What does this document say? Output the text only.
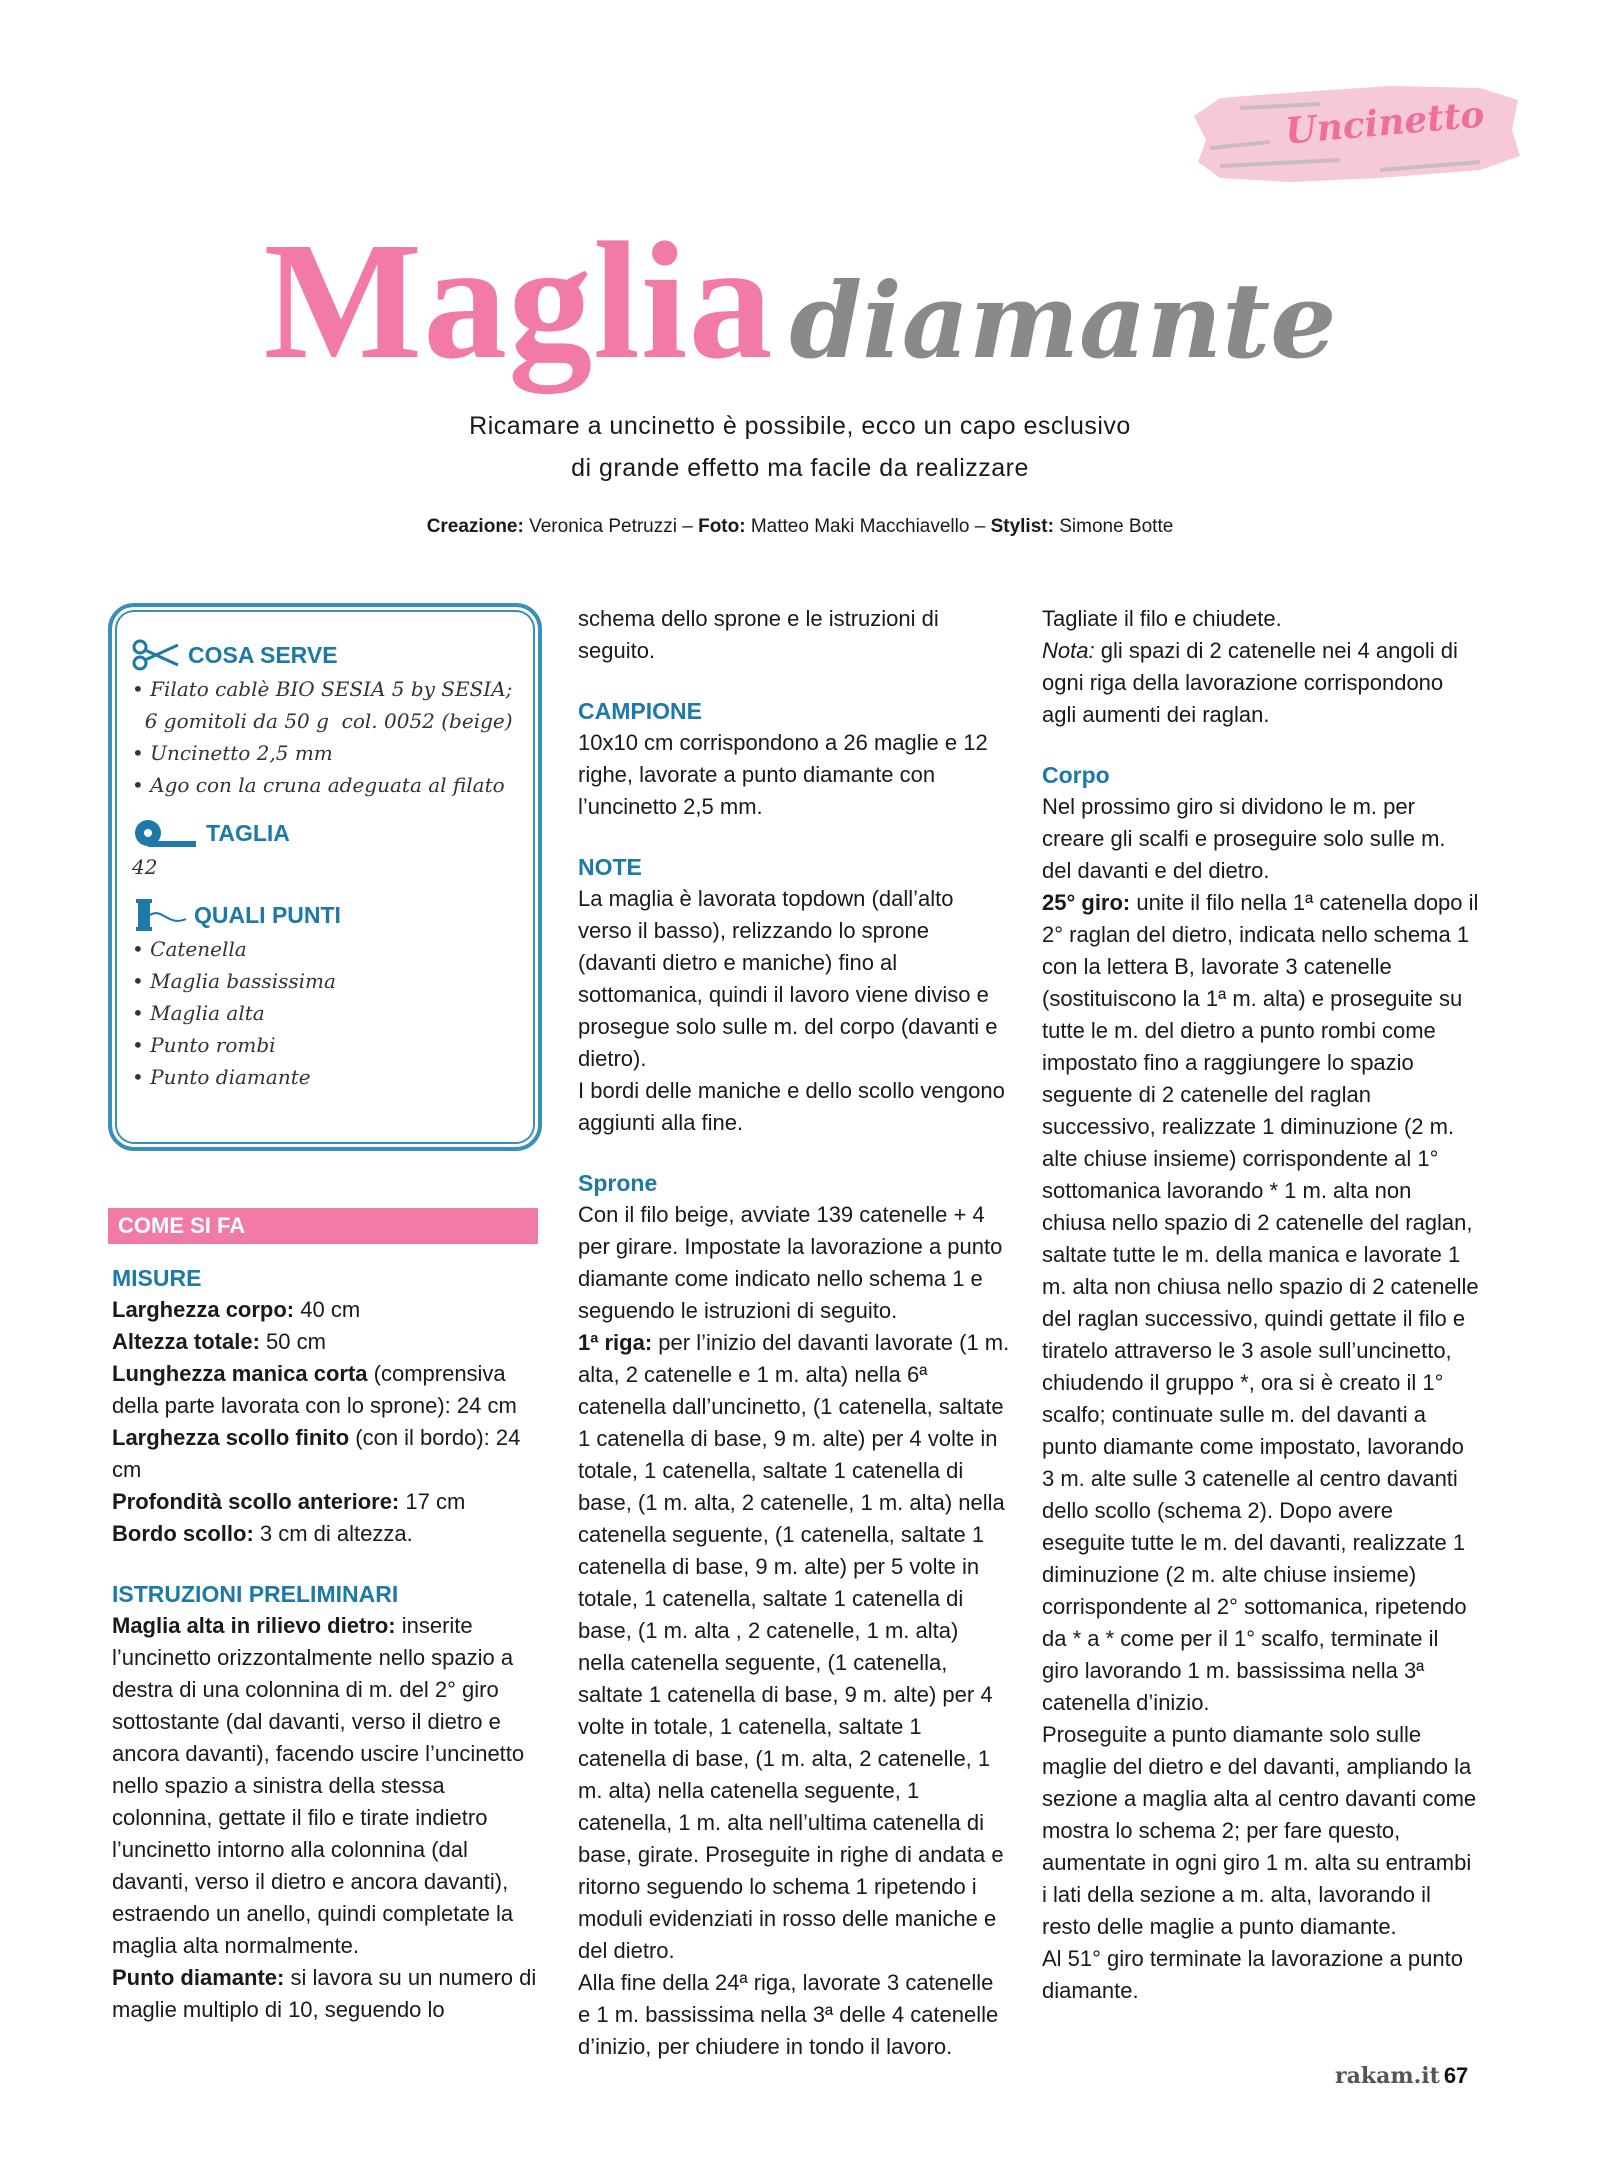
Uncinetto
Maglia diamante
Ricamare a uncinetto è possibile, ecco un capo esclusivo
di grande effetto ma facile da realizzare
Creazione: Veronica Petruzzi – Foto: Matteo Maki Macchiavello – Stylist: Simone Botte
COSA SERVE
• Filato cablè BIO SESIA 5 by SESIA;
6 gomitoli da 50 g  col. 0052 (beige)
• Uncinetto 2,5 mm
• Ago con la cruna adeguata al filato
TAGLIA
42
QUALI PUNTI
• Catenella
• Maglia bassissima
• Maglia alta
• Punto rombi
• Punto diamante
COME SI FA

MISURE

Larghezza corpo: 40 cm

Altezza totale: 50 cm

Lunghezza manica corta (comprensiva della parte lavorata con lo sprone): 24 cm

Larghezza scollo finito (con il bordo): 24 cm

Profondità scollo anteriore: 17 cm

Bordo scollo: 3 cm di altezza.

ISTRUZIONI PRELIMINARI

Maglia alta in rilievo dietro: inserite l’uncinetto orizzontalmente nello spazio a destra di una colonnina di m. del 2° giro sottostante (dal davanti, verso il dietro e ancora davanti), facendo uscire l’uncinetto nello spazio a sinistra della stessa colonnina, gettate il filo e tirate indietro l’uncinetto intorno alla colonnina (dal davanti, verso il dietro e ancora davanti), estraendo un anello, quindi completate la maglia alta normalmente.

Punto diamante: si lavora su un numero di maglie multiplo di 10, seguendo lo

schema dello sprone e le istruzioni di seguito.

CAMPIONE

10x10 cm corrispondono a 26 maglie e 12 righe, lavorate a punto diamante con l’uncinetto 2,5 mm.

NOTE

La maglia è lavorata topdown (dall’alto verso il basso), relizzando lo sprone (davanti dietro e maniche) fino al sottomanica, quindi il lavoro viene diviso e prosegue solo sulle m. del corpo (davanti e dietro).

I bordi delle maniche e dello scollo vengono aggiunti alla fine.

Sprone

Con il filo beige, avviate 139 catenelle + 4 per girare. Impostate la lavorazione a punto diamante come indicato nello schema 1 e seguendo le istruzioni di seguito.

1ª riga: per l’inizio del davanti lavorate (1 m. alta, 2 catenelle e 1 m. alta) nella 6ª catenella dall’uncinetto, (1 catenella, saltate 1 catenella di base, 9 m. alte) per 4 volte in totale, 1 catenella, saltate 1 catenella di base, (1 m. alta, 2 catenelle, 1 m. alta) nella catenella seguente, (1 catenella, saltate 1 catenella di base, 9 m. alte) per 5 volte in totale, 1 catenella, saltate 1 catenella di base, (1 m. alta , 2 catenelle, 1 m. alta) nella catenella seguente, (1 catenella, saltate 1 catenella di base, 9 m. alte) per 4 volte in totale, 1 catenella, saltate 1 catenella di base, (1 m. alta, 2 catenelle, 1 m. alta) nella catenella seguente, 1 catenella, 1 m. alta nell’ultima catenella di base, girate. Proseguite in righe di andata e ritorno seguendo lo schema 1 ripetendo i moduli evidenziati in rosso delle maniche e del dietro.

Alla fine della 24ª riga, lavorate 3 catenelle e 1 m. bassissima nella 3ª delle 4 catenelle d’inizio, per chiudere in tondo il lavoro.

Tagliate il filo e chiudete.

Nota: gli spazi di 2 catenelle nei 4 angoli di ogni riga della lavorazione corrispondono agli aumenti dei raglan.

Corpo

Nel prossimo giro si dividono le m. per creare gli scalfi e proseguire solo sulle m. del davanti e del dietro.

25° giro: unite il filo nella 1ª catenella dopo il 2° raglan del dietro, indicata nello schema 1 con la lettera B, lavorate 3 catenelle (sostituiscono la 1ª m. alta) e proseguite su tutte le m. del dietro a punto rombi come impostato fino a raggiungere lo spazio seguente di 2 catenelle del raglan successivo, realizzate 1 diminuzione (2 m. alte chiuse insieme) corrispondente al 1° sottomanica lavorando * 1 m. alta non chiusa nello spazio di 2 catenelle del raglan, saltate tutte le m. della manica e lavorate 1 m. alta non chiusa nello spazio di 2 catenelle del raglan successivo, quindi gettate il filo e tiratelo attraverso le 3 asole sull’uncinetto, chiudendo il gruppo *, ora si è creato il 1° scalfo; continuate sulle m. del davanti a punto diamante come impostato, lavorando 3 m. alte sulle 3 catenelle al centro davanti dello scollo (schema 2). Dopo avere eseguite tutte le m. del davanti, realizzate 1 diminuzione (2 m. alte chiuse insieme) corrispondente al 2° sottomanica, ripetendo da * a * come per il 1° scalfo, terminate il giro lavorando 1 m. bassissima nella 3ª catenella d’inizio.

Proseguite a punto diamante solo sulle maglie del dietro e del davanti, ampliando la sezione a maglia alta al centro davanti come mostra lo schema 2; per fare questo, aumentate in ogni giro 1 m. alta su entrambi i lati della sezione a m. alta, lavorando il resto delle maglie a punto diamante.

Al 51° giro terminate la lavorazione a punto diamante.

rakam.it 67
